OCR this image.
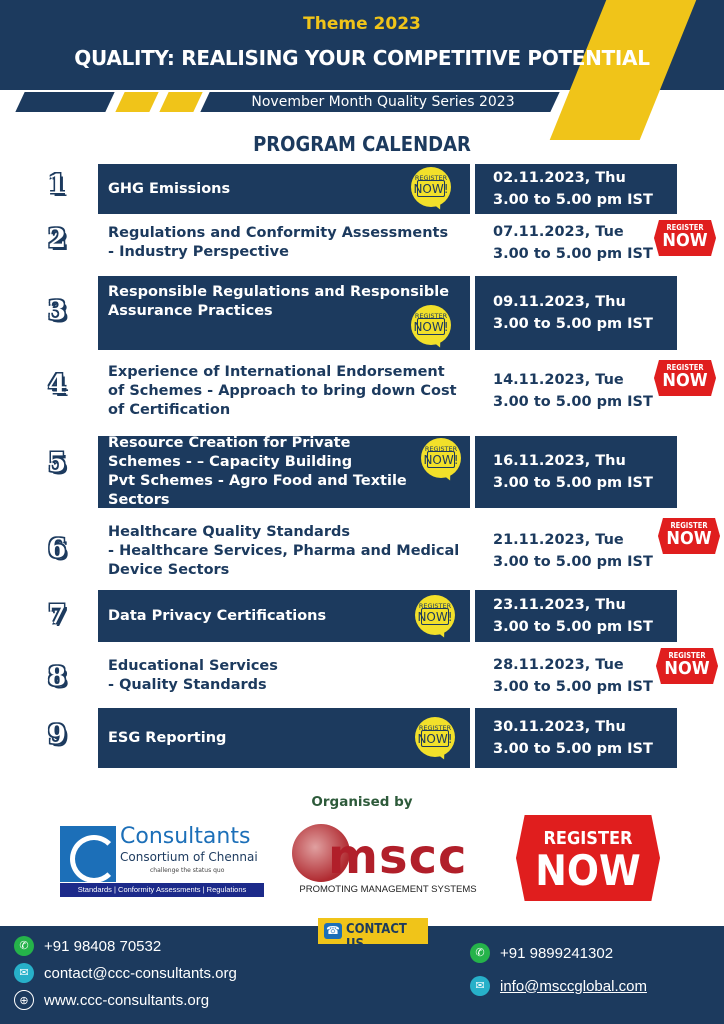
Theme 2023
QUALITY: REALISING YOUR COMPETITIVE POTENTIAL
November Month Quality Series 2023
PROGRAM CALENDAR
1	GHG Emissions
REGISTER
NOW!
02.11.2023, Thu
3.00 to 5.00 pm IST
2	Regulations and Conformity Assessments
- Industry Perspective
07.11.2023, Tue
3.00 to 5.00 pm IST
REGISTER
NOW
3
Responsible Regulations and Responsible
Assurance Practices	REGISTER
NOW!
09.11.2023, Thu
3.00 to 5.00 pm IST
4	Experience of International Endorsement
of Schemes - Approach to bring down Cost
of Certification
14.11.2023, Tue
3.00 to 5.00 pm IST
REGISTER
NOW
5
Resource Creation for Private
Schemes - – Capacity Building
Pvt Schemes - Agro Food and Textile Sectors
REGISTER
NOW! 16.11.2023, Thu
3.00 to 5.00 pm IST
6
Healthcare Quality Standards
- Healthcare Services, Pharma and Medical
Device Sectors
21.11.2023, Tue
3.00 to 5.00 pm IST
REGISTER
NOW
7	Data Privacy Certifications
REGISTER
NOW!
23.11.2023, Thu
3.00 to 5.00 pm IST
8	Educational Services
- Quality Standards
28.11.2023, Tue
3.00 to 5.00 pm IST
REGISTER
NOW
9	ESG Reporting
REGISTER
NOW!
30.11.2023, Thu
3.00 to 5.00 pm IST
Organised by
Consultants
Consortium of Chennai
challenge the status quo
Standards | Conformity Assessments | Regulations
mscc
PROMOTING MANAGEMENT SYSTEMS
REGISTER
NOW
☎ CONTACT US
✆	+91 98408 70532
✉	contact@ccc-consultants.org
⊕	www.ccc-consultants.org
✆	+91 9899241302
✉	info@msccglobal.com
